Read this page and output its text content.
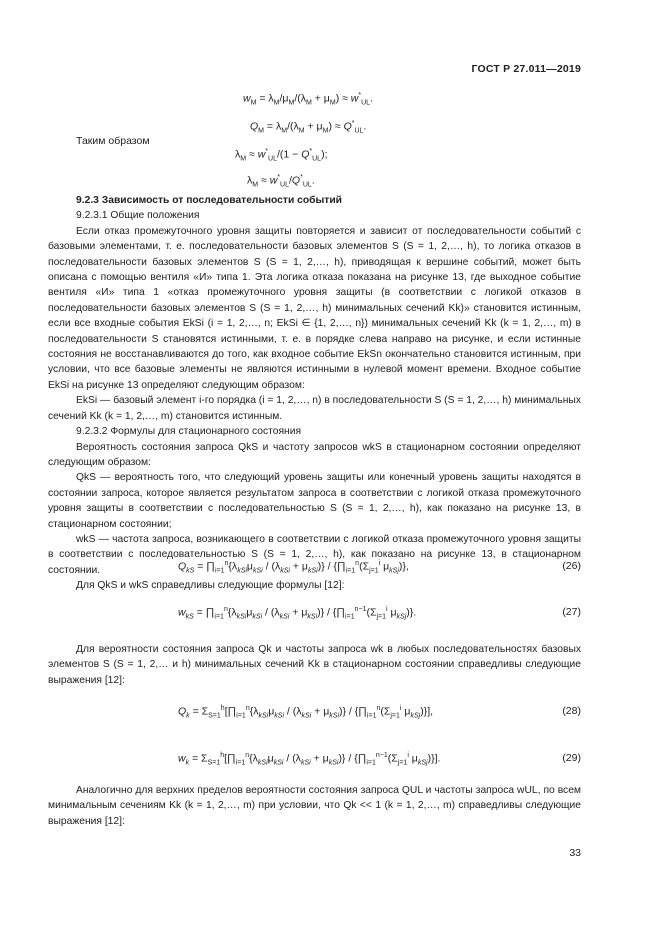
ГОСТ Р 27.011—2019
$w_M = \lambda_M/\mu_M/(\lambda_M + \mu_M) \approx w^*_{UL}$.
$Q_M = \lambda_M/(\lambda_M + \mu_M) \approx Q^*_{UL}$.
Таким образом
$\lambda_M \approx w^*_{UL}/(1 - Q^*_{UL})$;
$\lambda_M \approx w^*_{UL}/Q^*_{UL}$.

9.2.3 Зависимость от последовательности событий

9.2.3.1 Общие положения

Если отказ промежуточного уровня защиты повторяется и зависит от последовательности событий с базовыми элементами, т. е. последовательности базовых элементов S (S = 1, 2,…, h), то логика отказов в последовательности базовых элементов S (S = 1, 2,…, h), приводящая к вершине событий, может быть описана с помощью вентиля «И» типа 1. Эта логика отказа показана на рисунке 13, где выходное событие вентиля «И» типа 1 «отказ промежуточного уровня защиты (в соответствии с логикой отказов в последовательности базовых элементов S (S = 1, 2,…, h) минимальных сечений Kk)» становится истинным, если все входные события EkSi (i = 1, 2,…, n; EkSi ∈ {1, 2,…, n}) минимальных сечений Kk (k = 1, 2,…, m) в последовательности S становятся истинными, т. е. в порядке слева направо на рисунке, и если истинные состояния не восстанавливаются до того, как входное событие EkSn окончательно становится истинным, при условии, что все базовые элементы не являются истинными в нулевой момент времени. Входное событие EkSi на рисунке 13 определяют следующим образом:

EkSi — базовый элемент i-го порядка (i = 1, 2,…, n) в последовательности S (S = 1, 2,…, h) минимальных сечений Kk (k = 1, 2,…, m) становится истинным.

9.2.3.2 Формулы для стационарного состояния

Вероятность состояния запроса QkS и частоту запросов wkS в стационарном состоянии определяют следующим образом:

QkS — вероятность того, что следующий уровень защиты или конечный уровень защиты находятся в состоянии запроса, которое является результатом запроса в соответствии с логикой отказа промежуточного уровня защиты в соответствии с последовательностью S (S = 1, 2,…, h), как показано на рисунке 13, в стационарном состоянии;

wkS — частота запроса, возникающего в соответствии с логикой отказа промежуточного уровня защиты в соответствии с последовательностью S (S = 1, 2,…, h), как показано на рисунке 13, в стационарном состоянии.

Для QkS и wkS справедливы следующие формулы [12]:

$Q_{kS}$ = $\prod_{i=1}^n\{\lambda_{kSi}\mu_{kSi} / (\lambda_{kSi} + \mu_{kSi})\}$ / {$\prod_{i=1}^n(\Sigma_{j=1}^i$ $\mu_{kSj}$)},	(26)
$w_{kS}$ = $\prod_{i=1}^n\{\lambda_{kSi}\mu_{kSi} / (\lambda_{kSi} + \mu_{kSi})\}$ / {$\prod_{i=1}^{n-1}(\Sigma_{j=1}^i$ $\mu_{kSj}$)}.	(27)

Для вероятности состояния запроса Qk и частоты запроса wk в любых последовательностях базовых элементов S (S = 1, 2,… и h) минимальных сечений Kk в стационарном состоянии справедливы следующие выражения [12]:

$Q_k$ = $\Sigma_{S=1}^h[\prod_{i=1}^n\{\lambda_{kSi}\mu_{kSi} / (\lambda_{kSi} + \mu_{kSi})\}$ / {$\prod_{i=1}^n(\Sigma_{j=1}^i$ $\mu_{kSj}$)}],	(28)
$w_k$ = $\Sigma_{S=1}^h[\prod_{i=1}^n\{\lambda_{kSi}\mu_{kSi} / (\lambda_{kSi} + \mu_{kSi})\}$ / {$\prod_{i=1}^{n-1}(\Sigma_{j=1}^i$ $\mu_{kSj}$)}].	(29)

Аналогично для верхних пределов вероятности состояния запроса QUL и частоты запроса wUL, по всем минимальным сечениям Kk (k = 1, 2,…, m) при условии, что Qk << 1 (k = 1, 2,…, m) справедливы следующие выражения [12]:

33
